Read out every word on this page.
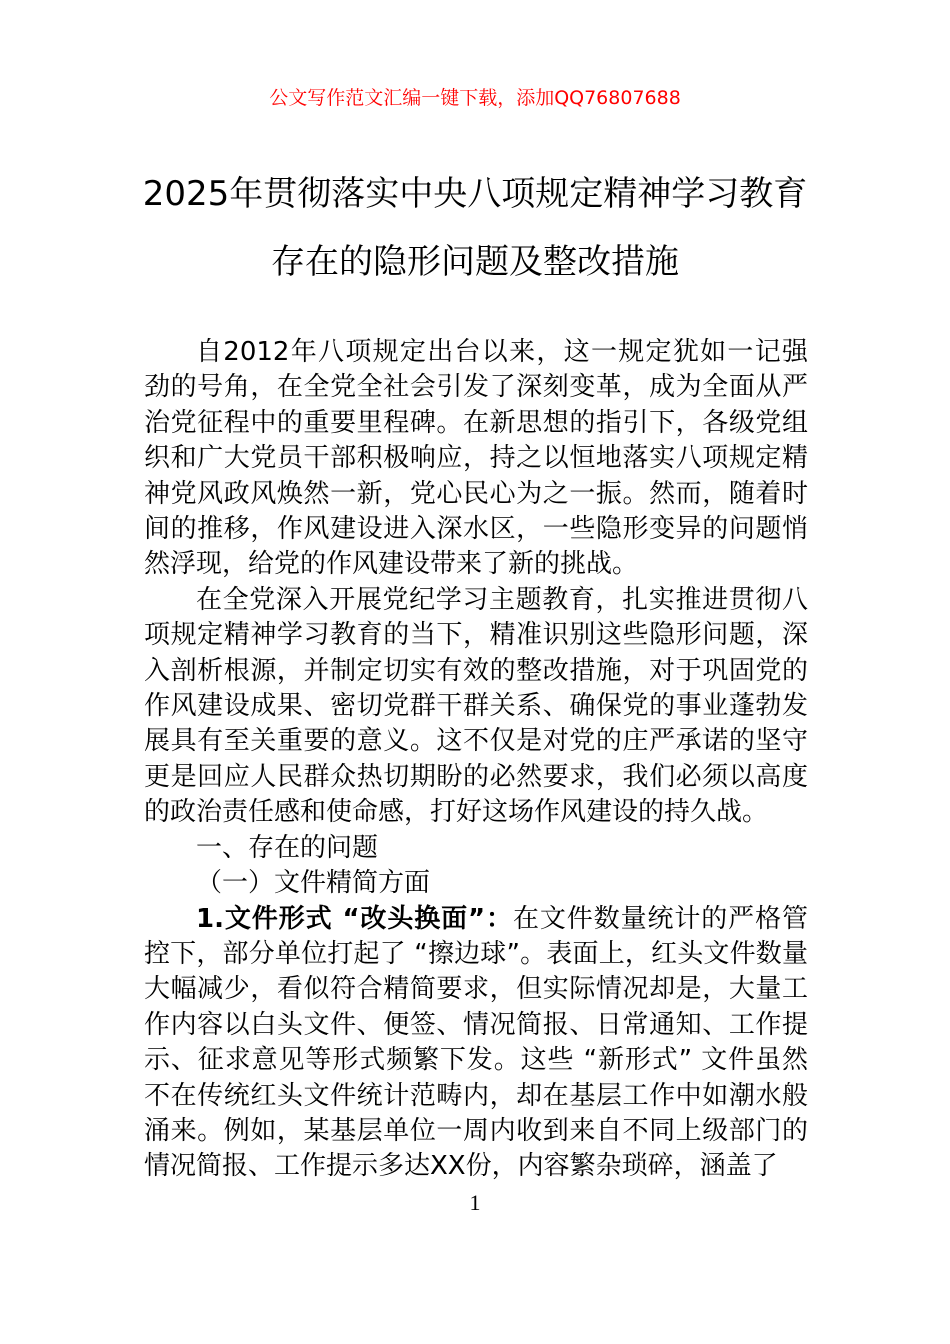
公文写作范文汇编一键下载，添加QQ76807688
2025年贯彻落实中央八项规定精神学习教育存在的隐形问题及整改措施

自2012年八项规定出台以来，这一规定犹如一记强劲的号角，在全党全社会引发了深刻变革，成为全面从严治党征程中的重要里程碑。在新思想的指引下，各级党组织和广大党员干部积极响应，持之以恒地落实八项规定精神党风政风焕然一新，党心民心为之一振。然而，随着时间的推移，作风建设进入深水区，一些隐形变异的问题悄然浮现，给党的作风建设带来了新的挑战。

在全党深入开展党纪学习主题教育，扎实推进贯彻八项规定精神学习教育的当下，精准识别这些隐形问题，深入剖析根源，并制定切实有效的整改措施，对于巩固党的作风建设成果、密切党群干群关系、确保党的事业蓬勃发展具有至关重要的意义。这不仅是对党的庄严承诺的坚守更是回应人民群众热切期盼的必然要求，我们必须以高度的政治责任感和使命感，打好这场作风建设的持久战。

一、存在的问题

（一）文件精简方面

1.文件形式 “改头换面”：在文件数量统计的严格管控下，部分单位打起了 “擦边球”。表面上，红头文件数量大幅减少，看似符合精简要求，但实际情况却是，大量工作内容以白头文件、便签、情况简报、日常通知、工作提示、征求意见等形式频繁下发。这些 “新形式” 文件虽然不在传统红头文件统计范畴内，却在基层工作中如潮水般涌来。例如，某基层单位一周内收到来自不同上级部门的情况简报、工作提示多达XX份，内容繁杂琐碎，涵盖了

1
